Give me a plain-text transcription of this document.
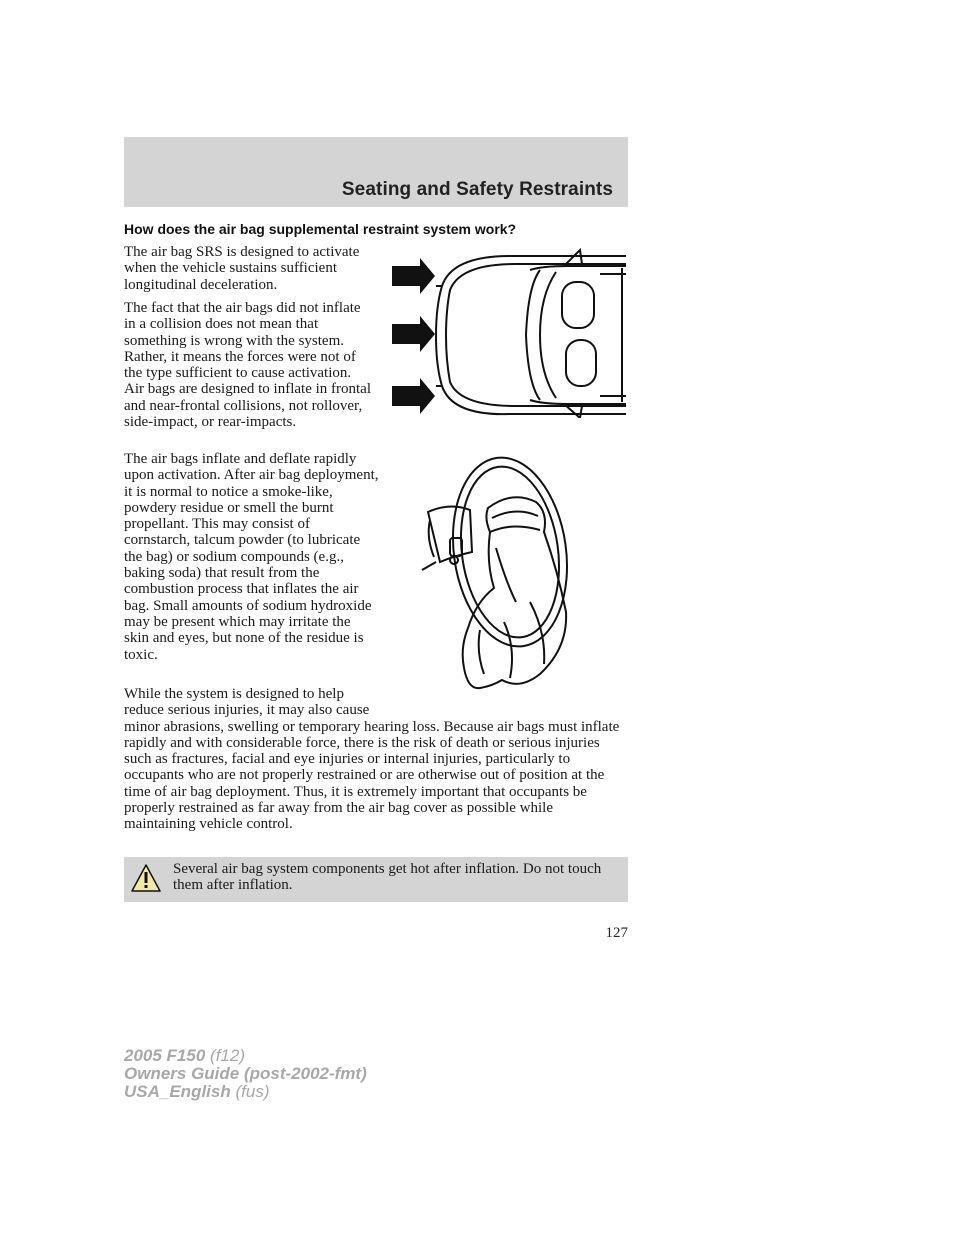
Seating and Safety Restraints
How does the air bag supplemental restraint system work?

The air bag SRS is designed to activate when the vehicle sustains sufficient longitudinal deceleration.

The fact that the air bags did not inflate in a collision does not mean that something is wrong with the system. Rather, it means the forces were not of the type sufficient to cause activation. Air bags are designed to inflate in frontal and near-frontal collisions, not rollover, side-impact, or rear-impacts.

The air bags inflate and deflate rapidly upon activation. After air bag deployment, it is normal to notice a smoke-like, powdery residue or smell the burnt propellant. This may consist of cornstarch, talcum powder (to lubricate the bag) or sodium compounds (e.g., baking soda) that result from the combustion process that inflates the air bag. Small amounts of sodium hydroxide may be present which may irritate the skin and eyes, but none of the residue is toxic.

While the system is designed to help reduce serious injuries, it may also cause minor abrasions, swelling or temporary hearing loss. Because air bags must inflate rapidly and with considerable force, there is the risk of death or serious injuries such as fractures, facial and eye injuries or internal injuries, particularly to occupants who are not properly restrained or are otherwise out of position at the time of air bag deployment. Thus, it is extremely important that occupants be properly restrained as far away from the air bag cover as possible while maintaining vehicle control.

Several air bag system components get hot after inflation. Do not touch them after inflation.
127
2005 F150 (f12)
Owners Guide (post-2002-fmt)
USA_English (fus)
